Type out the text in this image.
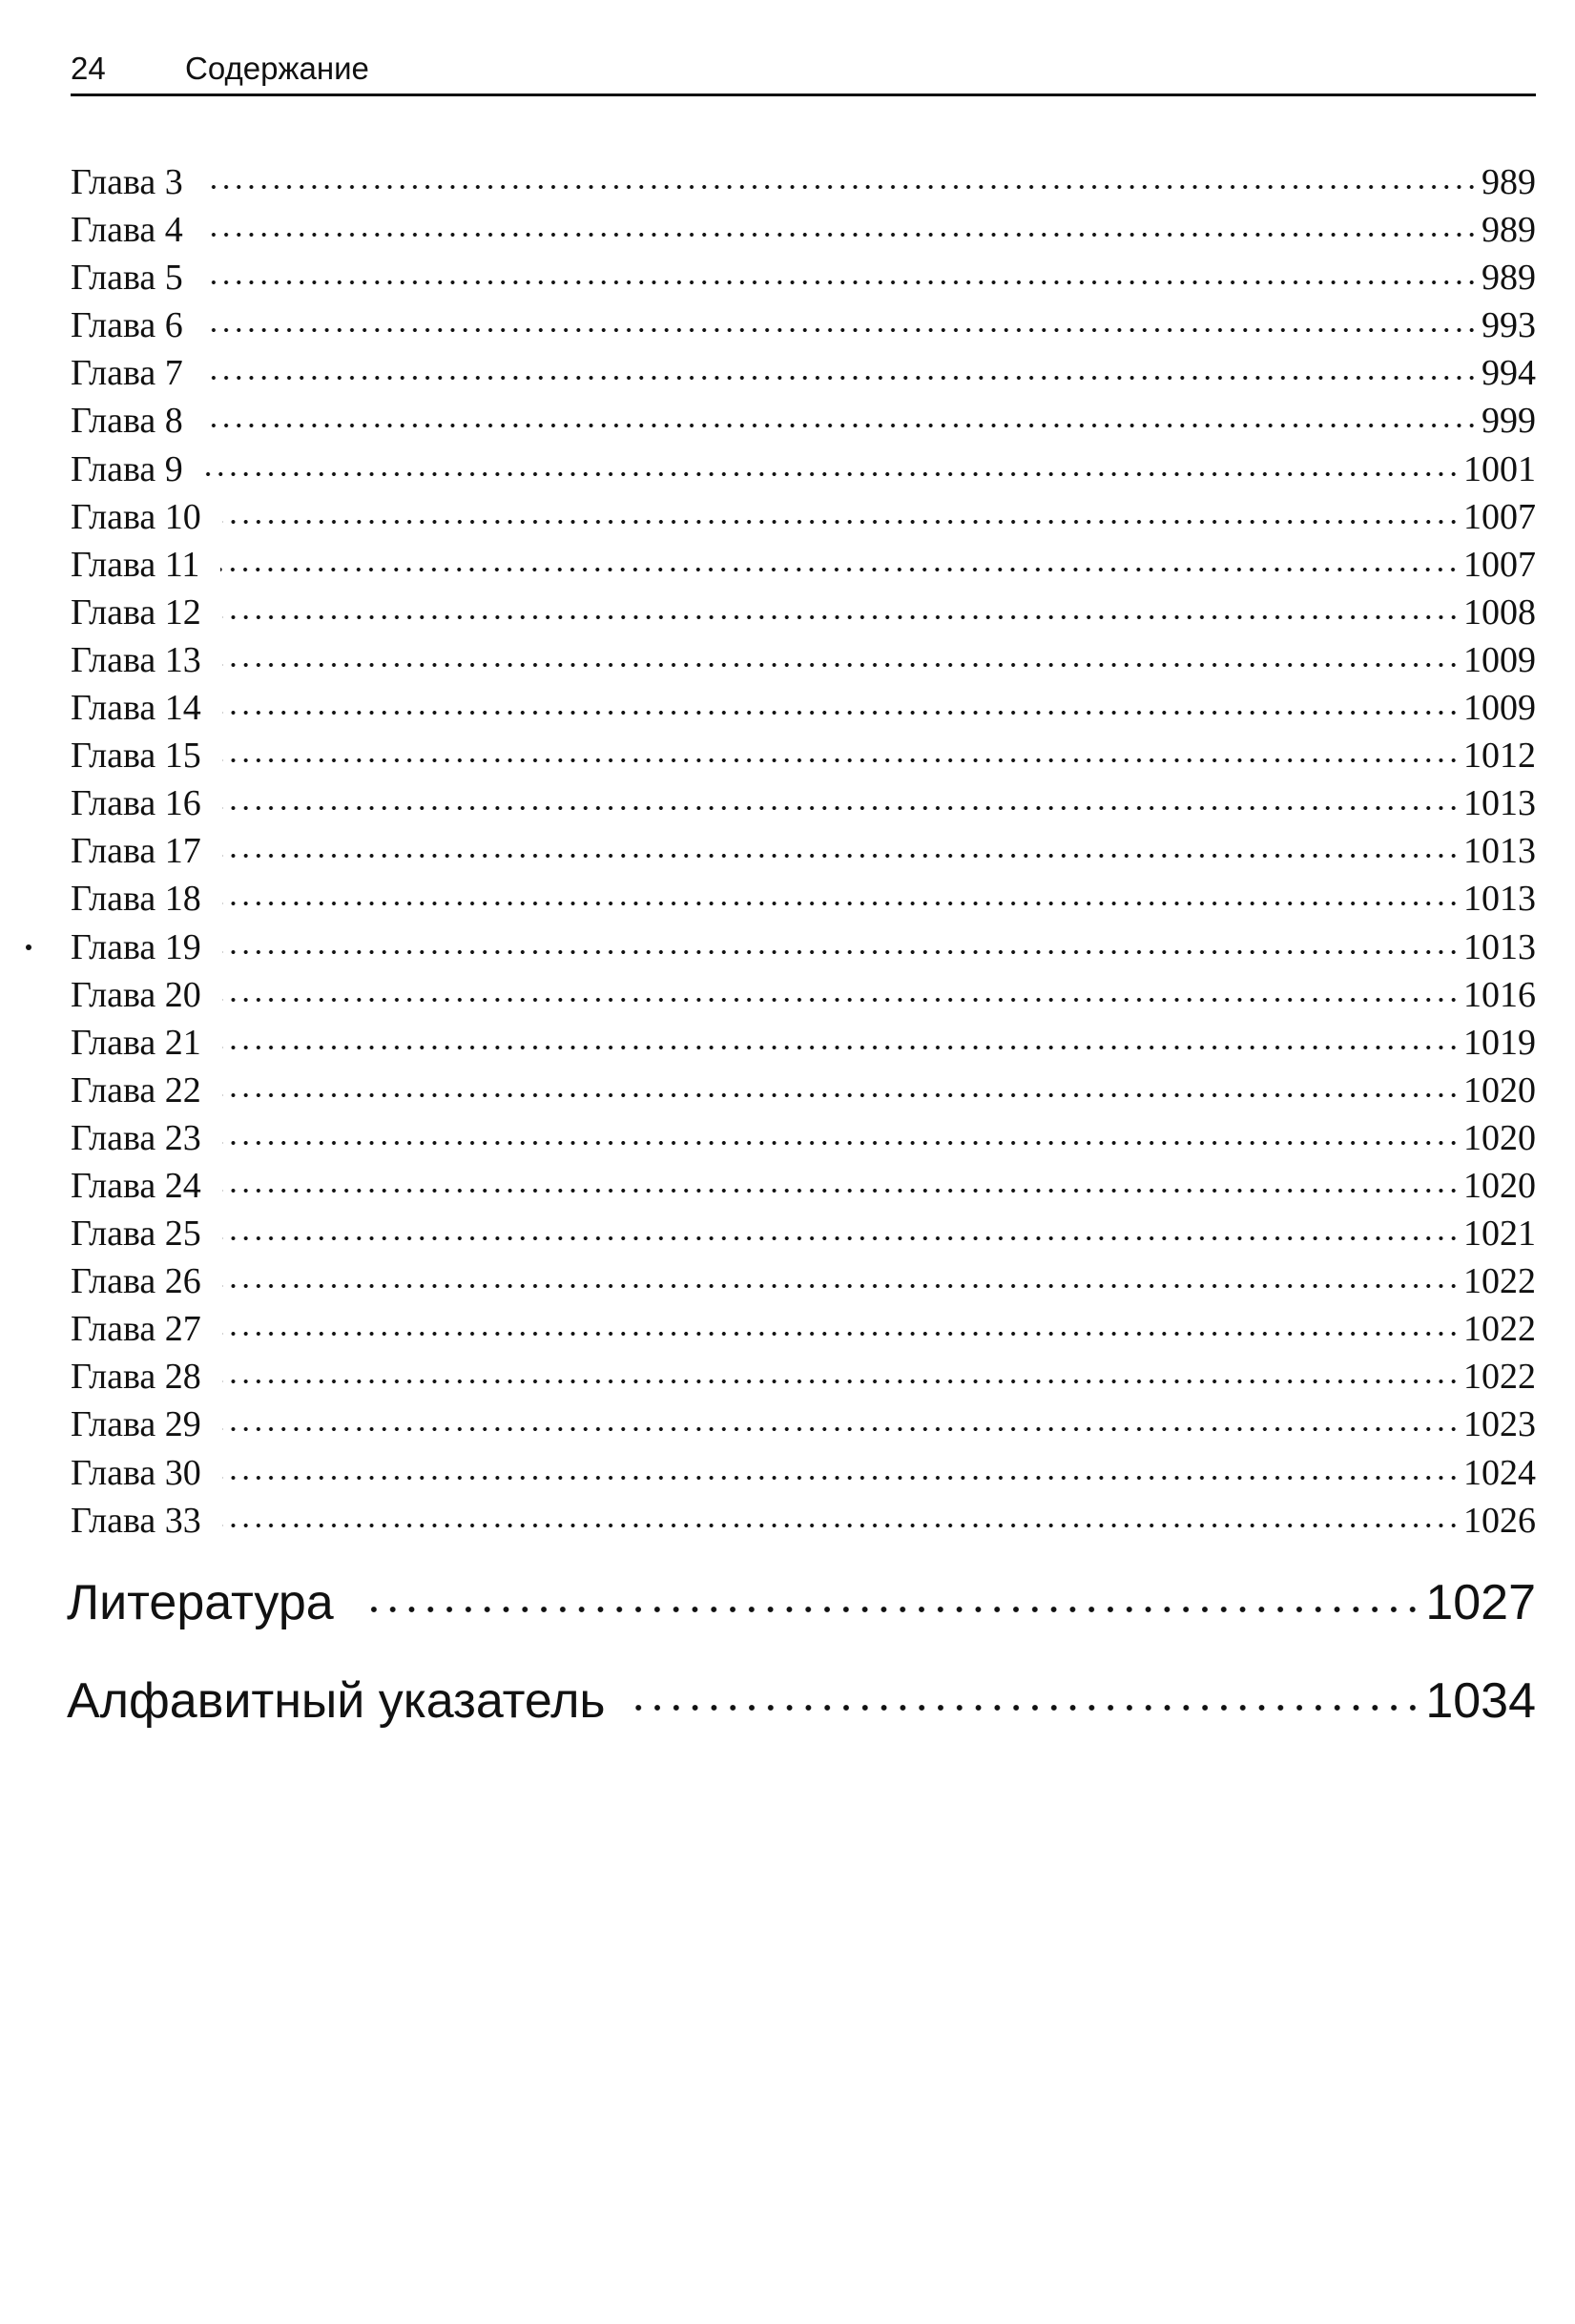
24	Содержание
Глава 3	989
Глава 4	989
Глава 5	989
Глава 6	993
Глава 7	994
Глава 8	999
Глава 9	1001
Глава 10	1007
Глава 11	1007
Глава 12	1008
Глава 13	1009
Глава 14	1009
Глава 15	1012
Глава 16	1013
Глава 17	1013
Глава 18	1013
Глава 19	1013
Глава 20	1016
Глава 21	1019
Глава 22	1020
Глава 23	1020
Глава 24	1020
Глава 25	1021
Глава 26	1022
Глава 27	1022
Глава 28	1022
Глава 29	1023
Глава 30	1024
Глава 33	1026
Литература	1027
Алфавитный указатель	1034
